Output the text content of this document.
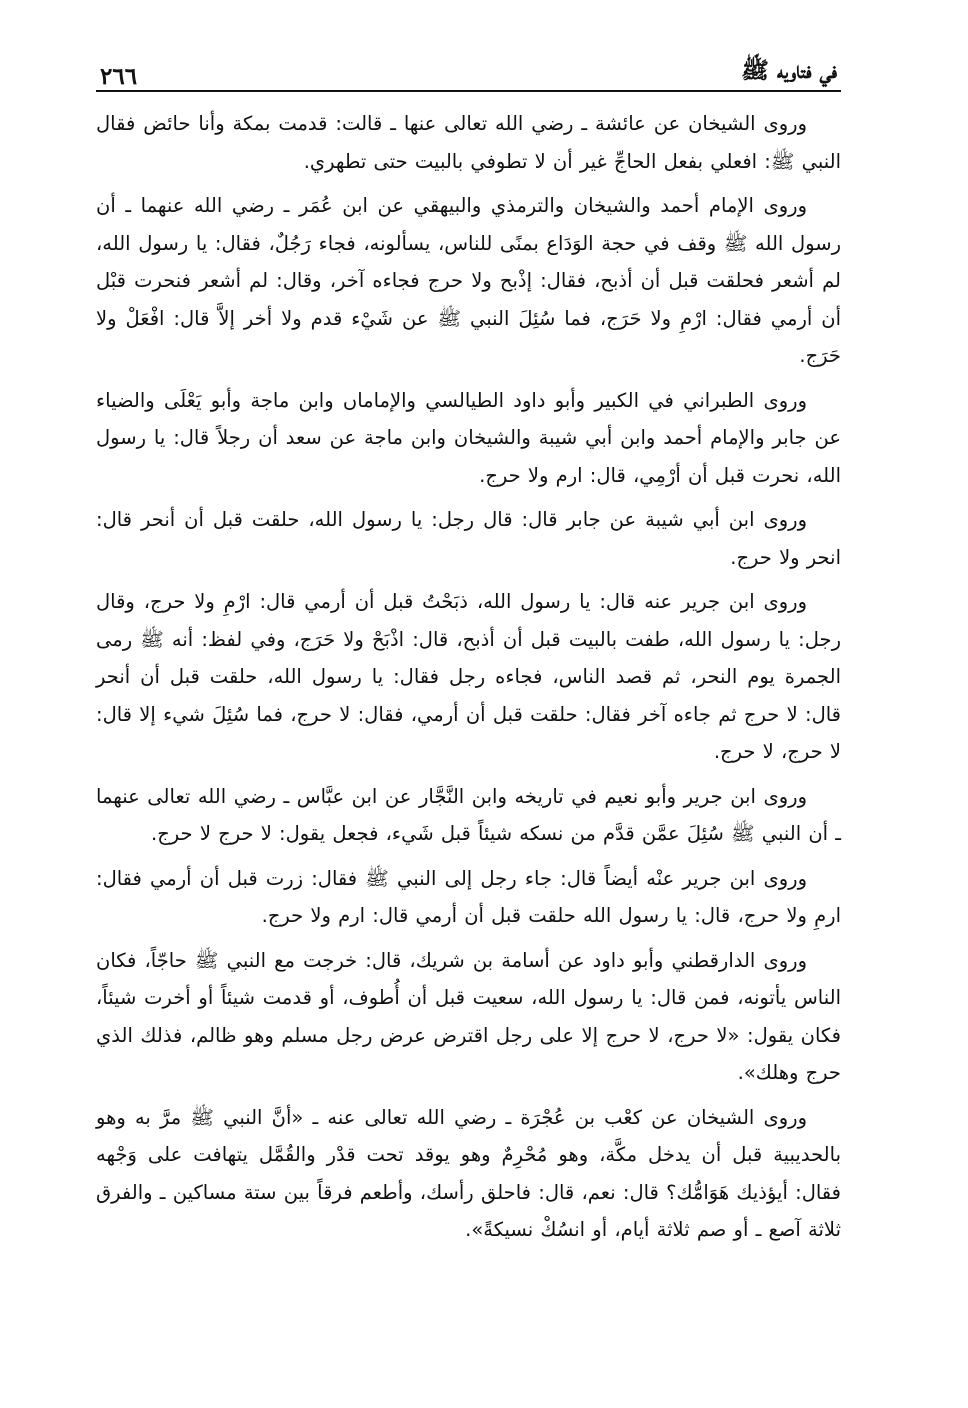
٢٦٦	في فتاويه ﷺ

وروى الشيخان عن عائشة ـ رضي الله تعالى عنها ـ قالت: قدمت بمكة وأنا حائض فقال النبي ﷺ: افعلي بفعل الحاجِّ غير أن لا تطوفي بالبيت حتى تطهري.

وروى الإمام أحمد والشيخان والترمذي والبيهقي عن ابن عُمَر ـ رضي الله عنهما ـ أن رسول الله ﷺ وقف في حجة الوَدَاع بمنًى للناس، يسألونه، فجاء رَجُلٌ، فقال: يا رسول الله، لم أشعر فحلقت قبل أن أذبح، فقال: إذْبح ولا حرج فجاءه آخر، وقال: لم أشعر فنحرت قبْل أن أرمي فقال: ارْمِ ولا حَرَج، فما سُئِلَ النبي ﷺ عن شَيْء قدم ولا أخر إلاَّ قال: افْعَلْ ولا حَرَج.

وروى الطبراني في الكبير وأبو داود الطيالسي والإماماں وابن ماجة وأبو يَعْلَى والضياء عن جابر والإمام أحمد وابن أبي شيبة والشيخان وابن ماجة عن سعد أن رجلاً قال: يا رسول الله، نحرت قبل أن أرْمِي، قال: ارم ولا حرج.

وروى ابن أبي شيبة عن جابر قال: قال رجل: يا رسول الله، حلقت قبل أن أنحر قال: انحر ولا حرج.

وروى ابن جرير عنه قال: يا رسول الله، ذبَحْتُ قبل أن أرمي قال: ارْمِ ولا حرج، وقال رجل: يا رسول الله، طفت بالبيت قبل أن أذبح، قال: اذْبَحْ ولا حَرَج، وفي لفظ: أنه ﷺ رمى الجمرة يوم النحر، ثم قصد الناس، فجاءه رجل فقال: يا رسول الله، حلقت قبل أن أنحر قال: لا حرج ثم جاءه آخر فقال: حلقت قبل أن أرمي، فقال: لا حرج، فما سُئِلَ شيء إلا قال: لا حرج، لا حرج.

وروى ابن جرير وأبو نعيم في تاريخه وابن النَّجَّار عن ابن عبَّاس ـ رضي الله تعالى عنهما ـ أن النبي ﷺ سُئِلَ عمَّن قدَّم من نسكه شيئاً قبل شَيء، فجعل يقول: لا حرج لا حرج.

وروى ابن جرير عنْه أيضاً قال: جاء رجل إلى النبي ﷺ فقال: زرت قبل أن أرمي فقال: ارمِ ولا حرج، قال: يا رسول الله حلقت قبل أن أرمي قال: ارم ولا حرج.

وروى الدارقطني وأبو داود عن أسامة بن شريك، قال: خرجت مع النبي ﷺ حاجّاً، فكان الناس يأتونه، فمن قال: يا رسول الله، سعيت قبل أن أُطوف، أو قدمت شيئاً أو أخرت شيئاً، فكان يقول: «لا حرج، لا حرج إلا على رجل اقترض عرض رجل مسلم وهو ظالم، فذلك الذي حرج وهلك».

وروى الشيخان عن كعْب بن عُجْرَة ـ رضي الله تعالى عنه ـ «أنَّ النبي ﷺ مرَّ به وهو بالحديبية قبل أن يدخل مكَّة، وهو مُحْرِمٌ وهو يوقد تحت قدْر والقُمَّل يتهافت على وَجْهه فقال: أيؤذيك هَوَامُّك؟ قال: نعم، قال: فاحلق رأسك، وأطعم فرقاً بين ستة مساكين ـ والفرق ثلاثة آصع ـ أو صم ثلاثة أيام، أو انسُكْ نسيكةً».
